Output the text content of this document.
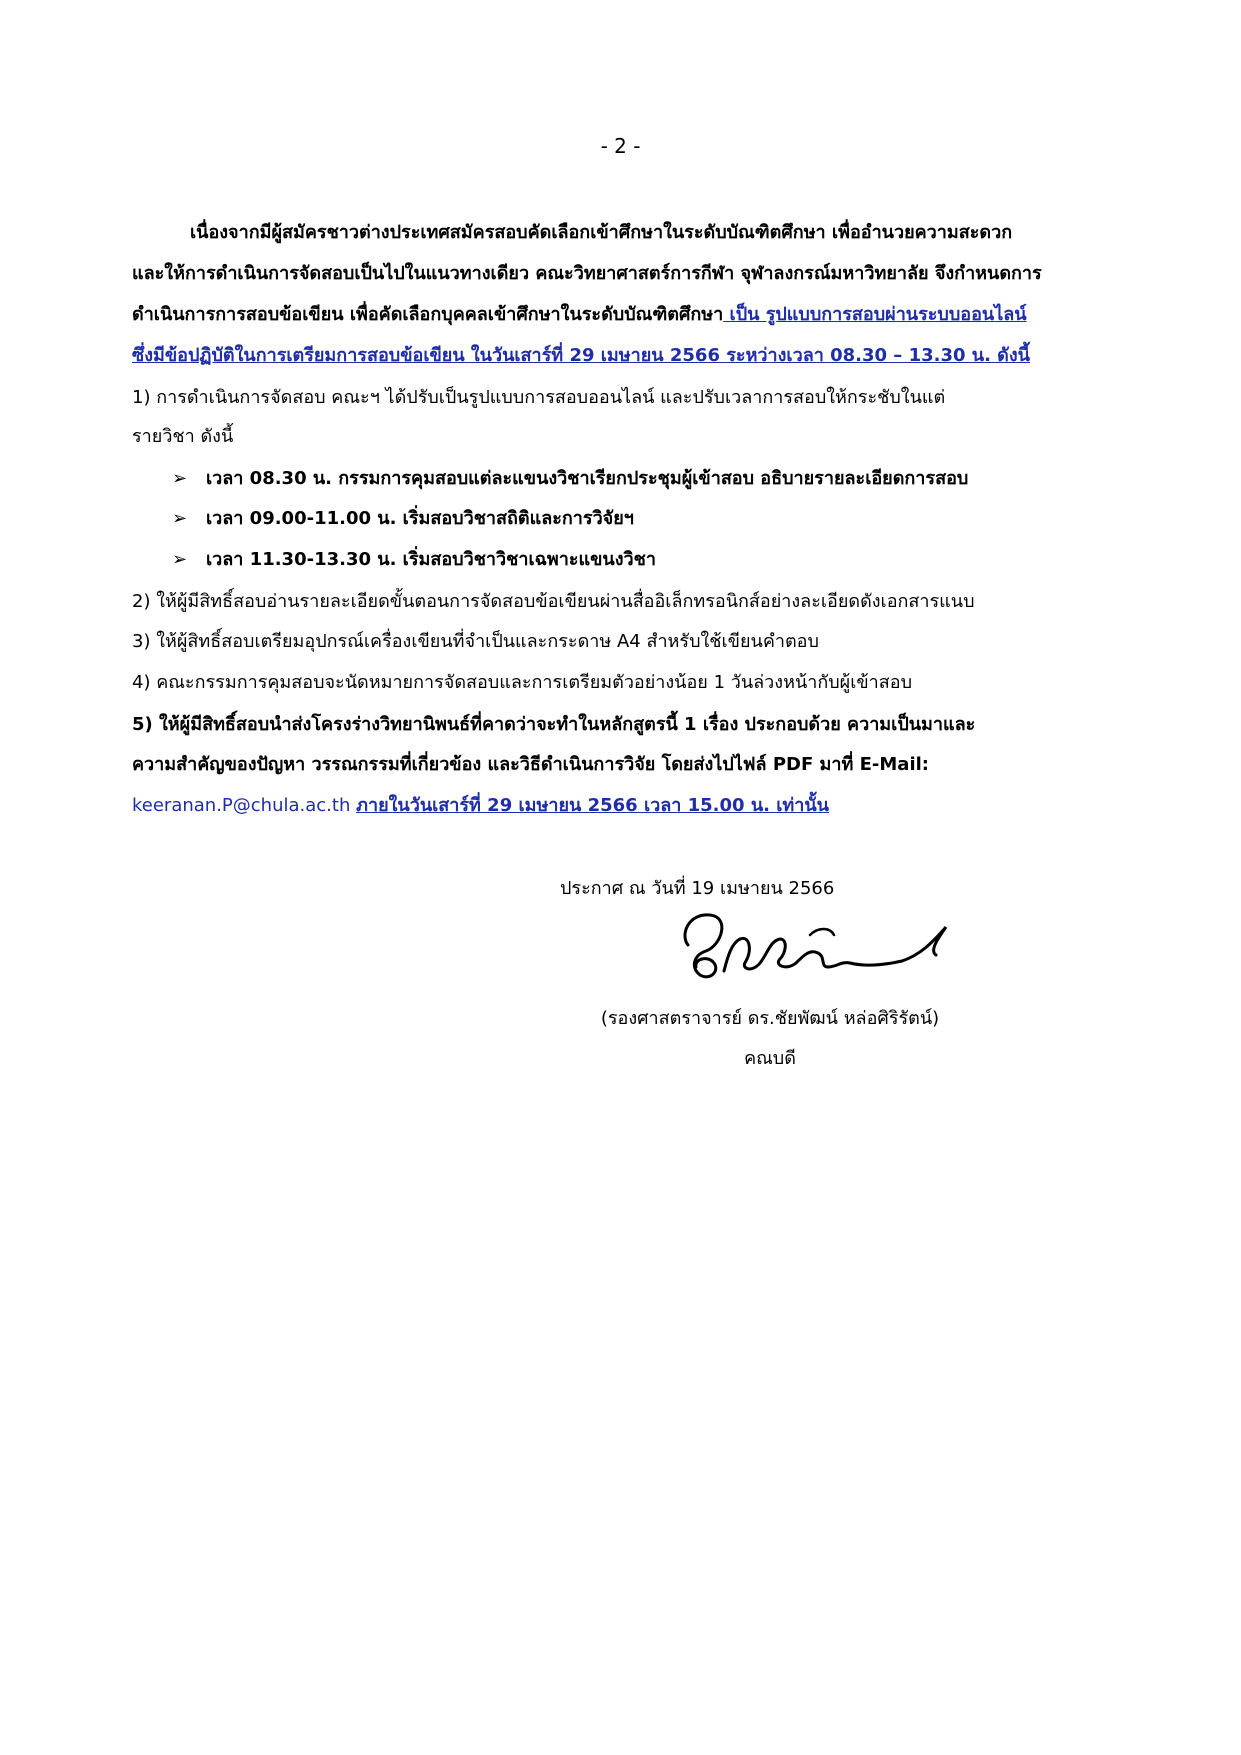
- 2 -
เนื่องจากมีผู้สมัครชาวต่างประเทศสมัครสอบคัดเลือกเข้าศึกษาในระดับบัณฑิตศึกษา เพื่ออำนวยความสะดวก
และให้การดำเนินการจัดสอบเป็นไปในแนวทางเดียว คณะวิทยาศาสตร์การกีฬา จุฬาลงกรณ์มหาวิทยาลัย จึงกำหนดการ
ดำเนินการการสอบข้อเขียน เพื่อคัดเลือกบุคคลเข้าศึกษาในระดับบัณฑิตศึกษา เป็น รูปแบบการสอบผ่านระบบออนไลน์
ซึ่งมีข้อปฏิบัติในการเตรียมการสอบข้อเขียน ในวันเสาร์ที่ 29 เมษายน 2566 ระหว่างเวลา 08.30 – 13.30 น. ดังนี้
1) การดำเนินการจัดสอบ คณะฯ ได้ปรับเป็นรูปแบบการสอบออนไลน์ และปรับเวลาการสอบให้กระชับในแต่
รายวิชา ดังนี้
➢ เวลา 08.30 น. กรรมการคุมสอบแต่ละแขนงวิชาเรียกประชุมผู้เข้าสอบ อธิบายรายละเอียดการสอบ
➢ เวลา 09.00-11.00 น. เริ่มสอบวิชาสถิติและการวิจัยฯ
➢ เวลา 11.30-13.30 น. เริ่มสอบวิชาวิชาเฉพาะแขนงวิชา
2) ให้ผู้มีสิทธิ์สอบอ่านรายละเอียดขั้นตอนการจัดสอบข้อเขียนผ่านสื่ออิเล็กทรอนิกส์อย่างละเอียดดังเอกสารแนบ
3) ให้ผู้สิทธิ์สอบเตรียมอุปกรณ์เครื่องเขียนที่จำเป็นและกระดาษ A4 สำหรับใช้เขียนคำตอบ
4) คณะกรรมการคุมสอบจะนัดหมายการจัดสอบและการเตรียมตัวอย่างน้อย 1 วันล่วงหน้ากับผู้เข้าสอบ
5) ให้ผู้มีสิทธิ์สอบนำส่งโครงร่างวิทยานิพนธ์ที่คาดว่าจะทำในหลักสูตรนี้ 1 เรื่อง ประกอบด้วย ความเป็นมาและ
ความสำคัญของปัญหา วรรณกรรมที่เกี่ยวข้อง และวิธีดำเนินการวิจัย โดยส่งไปไฟล์ PDF มาที่ E-Mail:
keeranan.P@chula.ac.th ภายในวันเสาร์ที่ 29 เมษายน 2566 เวลา 15.00 น. เท่านั้น
ประกาศ ณ วันที่ 19 เมษายน 2566
(รองศาสตราจารย์ ดร.ชัยพัฒน์ หล่อศิริรัตน์)
คณบดี
